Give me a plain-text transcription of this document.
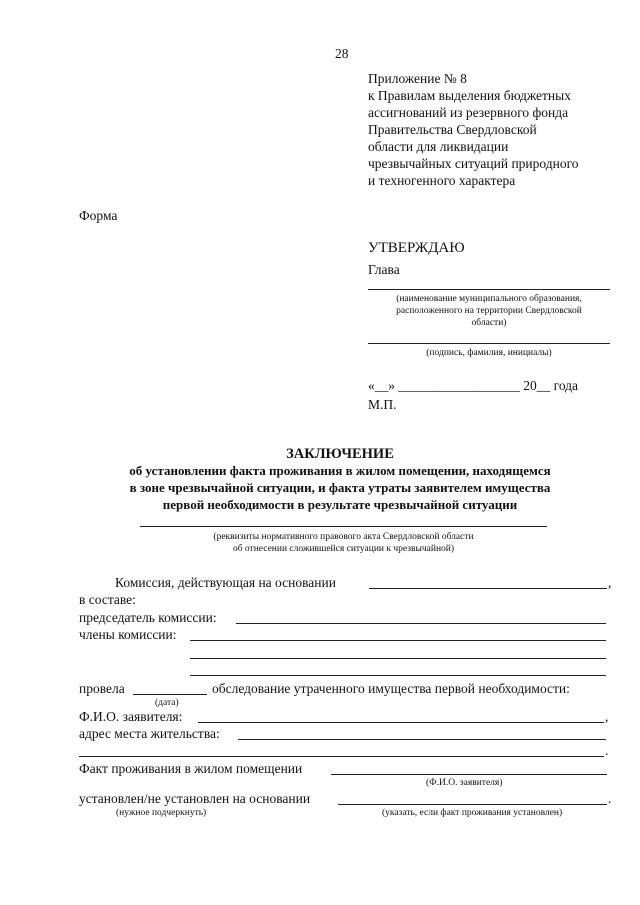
28
Приложение № 8
к Правилам выделения бюджетных
ассигнований из резервного фонда
Правительства Свердловской
области для ликвидации
чрезвычайных ситуаций природного
и техногенного характера
Форма
УТВЕРЖДАЮ
Глава
(наименование муниципального образования,
расположенного на территории Свердловской
области)
(подпись, фамилия, инициалы)
«__» __________________ 20__ года
М.П.
ЗАКЛЮЧЕНИЕ
об установлении факта проживания в жилом помещении, находящемся
в зоне чрезвычайной ситуации, и факта утраты заявителем имущества
первой необходимости в результате чрезвычайной ситуации
(реквизиты нормативного правового акта Свердловской области
об отнесении сложившейся ситуации к чрезвычайной)
Комиссия, действующая на основании	,
в составе:
председатель комиссии:
члены комиссии:
провела	обследование утраченного имущества первой необходимости:
(дата)
Ф.И.О. заявителя:	,
адрес места жительства:
.
Факт проживания в жилом помещении
(Ф.И.О. заявителя)
установлен/не установлен на основании	.
(нужное подчеркнуть)	(указать, если факт проживания установлен)
